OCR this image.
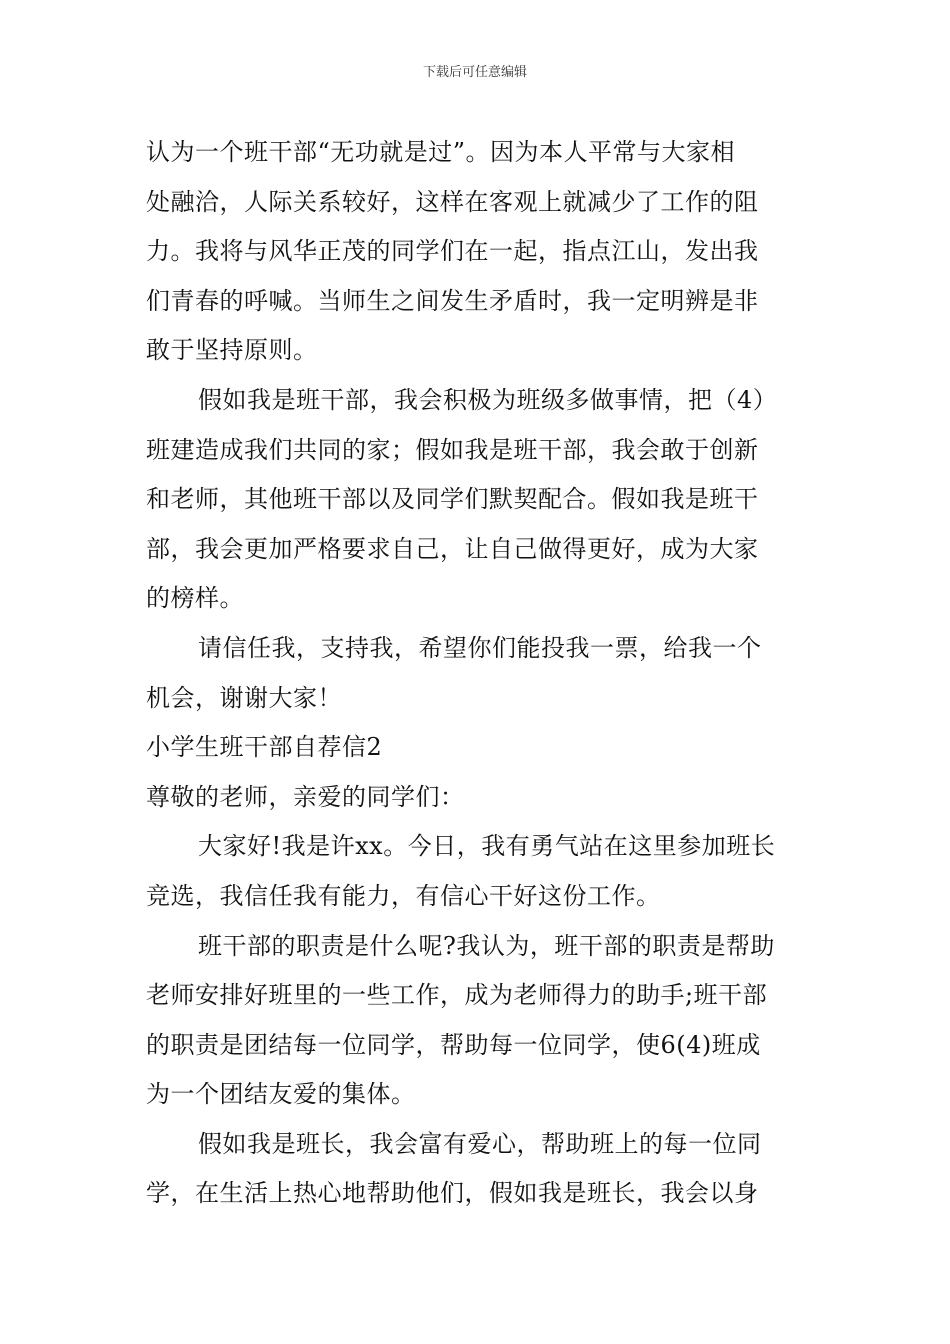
下载后可任意编辑
认为一个班干部“无功就是过”。因为本人平常与大家相
处融洽，人际关系较好，这样在客观上就减少了工作的阻
力。我将与风华正茂的同学们在一起，指点江山，发出我
们青春的呼喊。当师生之间发生矛盾时，我一定明辨是非
敢于坚持原则。
假如我是班干部，我会积极为班级多做事情，把（4）
班建造成我们共同的家；假如我是班干部，我会敢于创新
和老师，其他班干部以及同学们默契配合。假如我是班干
部，我会更加严格要求自己，让自己做得更好，成为大家
的榜样。
请信任我，支持我，希望你们能投我一票，给我一个
机会，谢谢大家！
小学生班干部自荐信2
尊敬的老师，亲爱的同学们：
大家好!我是许xx。今日，我有勇气站在这里参加班长
竞选，我信任我有能力，有信心干好这份工作。
班干部的职责是什么呢?我认为，班干部的职责是帮助
老师安排好班里的一些工作，成为老师得力的助手;班干部
的职责是团结每一位同学，帮助每一位同学，使6(4)班成
为一个团结友爱的集体。
假如我是班长，我会富有爱心，帮助班上的每一位同
学，在生活上热心地帮助他们，假如我是班长，我会以身
